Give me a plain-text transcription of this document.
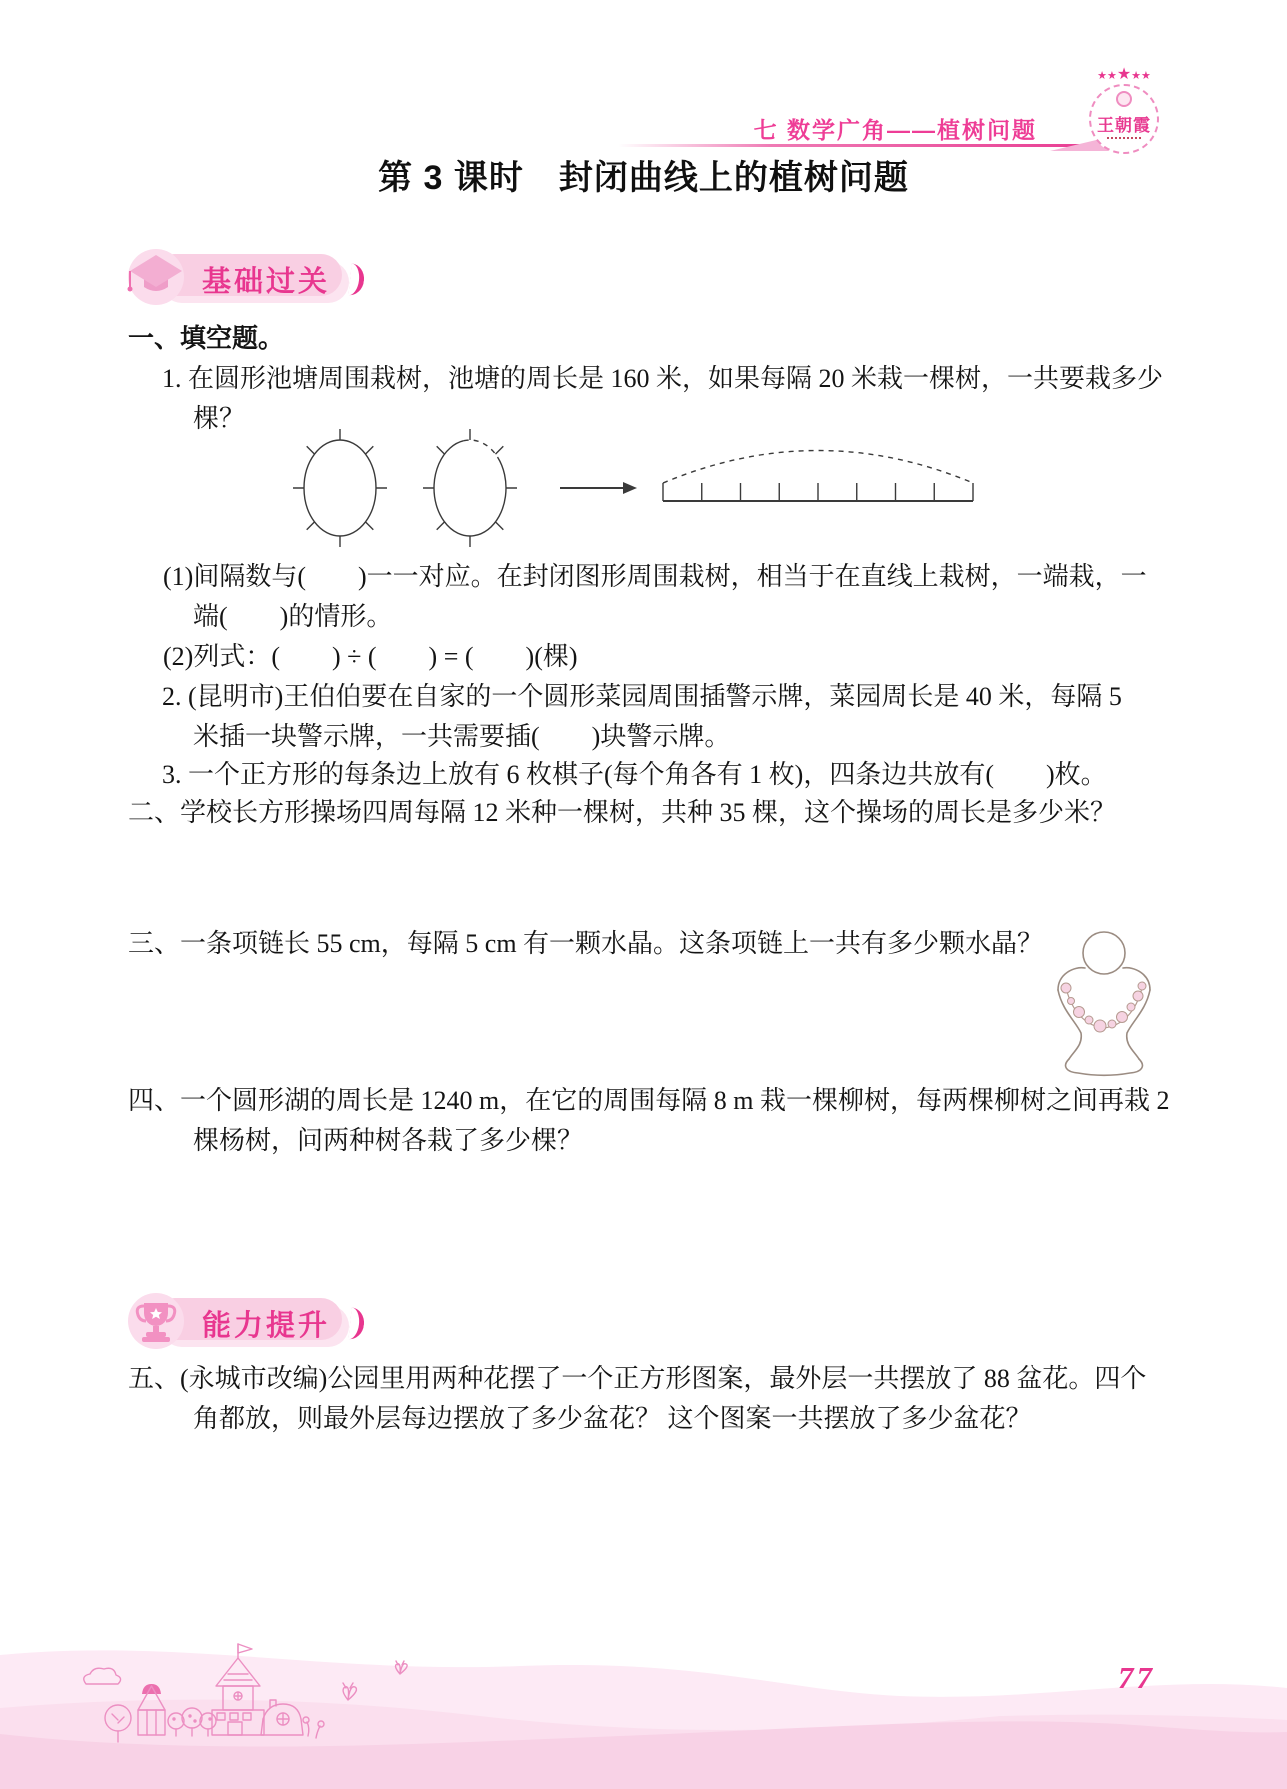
七 数学广角——植树问题
★★★★★
王朝霞
第 3 课时　封闭曲线上的植树问题
基础过关
一、填空题。
1. 在圆形池塘周围栽树，池塘的周长是 160 米，如果每隔 20 米栽一棵树，一共要栽多少
棵？
(1)间隔数与(　　)一一对应。在封闭图形周围栽树，相当于在直线上栽树，一端栽，一
端(　　)的情形。
(2)列式：(　　) ÷ (　　) = (　　)(棵)
2. (昆明市)王伯伯要在自家的一个圆形菜园周围插警示牌，菜园周长是 40 米，每隔 5
米插一块警示牌，一共需要插(　　)块警示牌。
3. 一个正方形的每条边上放有 6 枚棋子(每个角各有 1 枚)，四条边共放有(　　)枚。
二、学校长方形操场四周每隔 12 米种一棵树，共种 35 棵，这个操场的周长是多少米？
三、一条项链长 55 cm，每隔 5 cm 有一颗水晶。这条项链上一共有多少颗水晶？
四、一个圆形湖的周长是 1240 m，在它的周围每隔 8 m 栽一棵柳树，每两棵柳树之间再栽 2
棵杨树，问两种树各栽了多少棵？
能力提升
五、(永城市改编)公园里用两种花摆了一个正方形图案，最外层一共摆放了 88 盆花。四个
角都放，则最外层每边摆放了多少盆花？ 这个图案一共摆放了多少盆花？
77
